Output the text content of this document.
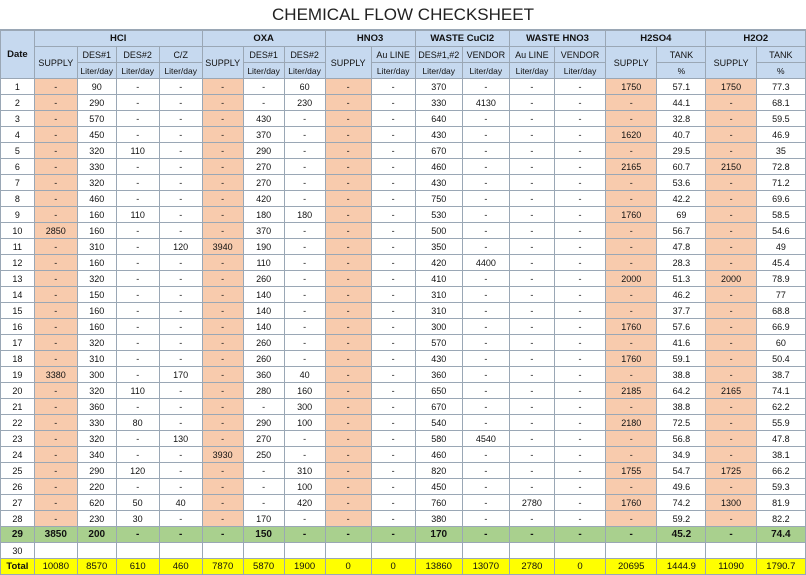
CHEMICAL FLOW CHECKSHEET
Date	HCl				OXA			HNO3		WASTE CuCl2		WASTE HNO3		H2SO4		H2O2	
	SUPPLY	DES#1	DES#2	C/Z	SUPPLY	DES#1	DES#2	SUPPLY	Au LINE	DES#1,#2	VENDOR	Au LINE	VENDOR	SUPPLY	TANK	SUPPLY	TANK
		Liter/day	Liter/day	Liter/day		Liter/day	Liter/day		Liter/day	Liter/day	Liter/day	Liter/day	Liter/day		%		%
1	-	90	-	-	-	-	60	-	-	370	-	-	-	1750	57.1	1750	77.3
2	-	290	-	-	-	-	230	-	-	330	4130	-	-	-	44.1	-	68.1
3	-	570	-	-	-	430	-	-	-	640	-	-	-	-	32.8	-	59.5
4	-	450	-	-	-	370	-	-	-	430	-	-	-	1620	40.7	-	46.9
5	-	320	110	-	-	290	-	-	-	670	-	-	-	-	29.5	-	35
6	-	330	-	-	-	270	-	-	-	460	-	-	-	2165	60.7	2150	72.8
7	-	320	-	-	-	270	-	-	-	430	-	-	-	-	53.6	-	71.2
8	-	460	-	-	-	420	-	-	-	750	-	-	-	-	42.2	-	69.6
9	-	160	110	-	-	180	180	-	-	530	-	-	-	1760	69	-	58.5
10	2850	160	-	-	-	370	-	-	-	500	-	-	-	-	56.7	-	54.6
11	-	310	-	120	3940	190	-	-	-	350	-	-	-	-	47.8	-	49
12	-	160	-	-	-	110	-	-	-	420	4400	-	-	-	28.3	-	45.4
13	-	320	-	-	-	260	-	-	-	410	-	-	-	2000	51.3	2000	78.9
14	-	150	-	-	-	140	-	-	-	310	-	-	-	-	46.2	-	77
15	-	160	-	-	-	140	-	-	-	310	-	-	-	-	37.7	-	68.8
16	-	160	-	-	-	140	-	-	-	300	-	-	-	1760	57.6	-	66.9
17	-	320	-	-	-	260	-	-	-	570	-	-	-	-	41.6	-	60
18	-	310	-	-	-	260	-	-	-	430	-	-	-	1760	59.1	-	50.4
19	3380	300	-	170	-	360	40	-	-	360	-	-	-	-	38.8	-	38.7
20	-	320	110	-	-	280	160	-	-	650	-	-	-	2185	64.2	2165	74.1
21	-	360	-	-	-	-	300	-	-	670	-	-	-	-	38.8	-	62.2
22	-	330	80	-	-	290	100	-	-	540	-	-	-	2180	72.5	-	55.9
23	-	320	-	130	-	270	-	-	-	580	4540	-	-	-	56.8	-	47.8
24	-	340	-	-	3930	250	-	-	-	460	-	-	-	-	34.9	-	38.1
25	-	290	120	-	-	-	310	-	-	820	-	-	-	1755	54.7	1725	66.2
26	-	220	-	-	-	-	100	-	-	450	-	-	-	-	49.6	-	59.3
27	-	620	50	40	-	-	420	-	-	760	-	2780	-	1760	74.2	1300	81.9
28	-	230	30	-	-	170	-	-	-	380	-	-	-	-	59.2	-	82.2
29	3850	200	-	-	-	150	-	-	-	170	-	-	-	-	45.2	-	74.4
30																	
Total	10080	8570	610	460	7870	5870	1900	0	0	13860	13070	2780	0	20695	1444.9	11090	1790.7
